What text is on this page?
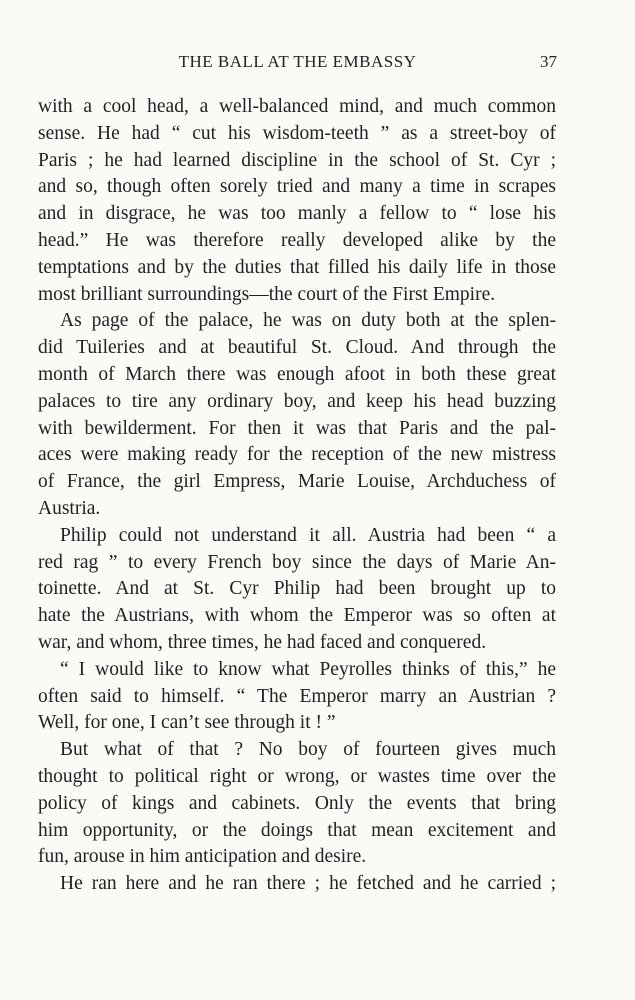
THE BALL AT THE EMBASSY	37
with a cool head, a well-balanced mind, and much common
sense. He had “ cut his wisdom-teeth ” as a street-boy of
Paris ; he had learned discipline in the school of St. Cyr ;
and so, though often sorely tried and many a time in scrapes
and in disgrace, he was too manly a fellow to “ lose his
head.” He was therefore really developed alike by the
temptations and by the duties that filled his daily life in those
most brilliant surroundings—the court of the First Empire.
As page of the palace, he was on duty both at the splen-
did Tuileries and at beautiful St. Cloud. And through the
month of March there was enough afoot in both these great
palaces to tire any ordinary boy, and keep his head buzzing
with bewilderment. For then it was that Paris and the pal-
aces were making ready for the reception of the new mistress
of France, the girl Empress, Marie Louise, Archduchess of
Austria.
Philip could not understand it all. Austria had been “ a
red rag ” to every French boy since the days of Marie An-
toinette. And at St. Cyr Philip had been brought up to
hate the Austrians, with whom the Emperor was so often at
war, and whom, three times, he had faced and conquered.
“ I would like to know what Peyrolles thinks of this,” he
often said to himself. “ The Emperor marry an Austrian ?
Well, for one, I can’t see through it ! ”
But what of that ? No boy of fourteen gives much
thought to political right or wrong, or wastes time over the
policy of kings and cabinets. Only the events that bring
him opportunity, or the doings that mean excitement and
fun, arouse in him anticipation and desire.
He ran here and he ran there ; he fetched and he carried ;
